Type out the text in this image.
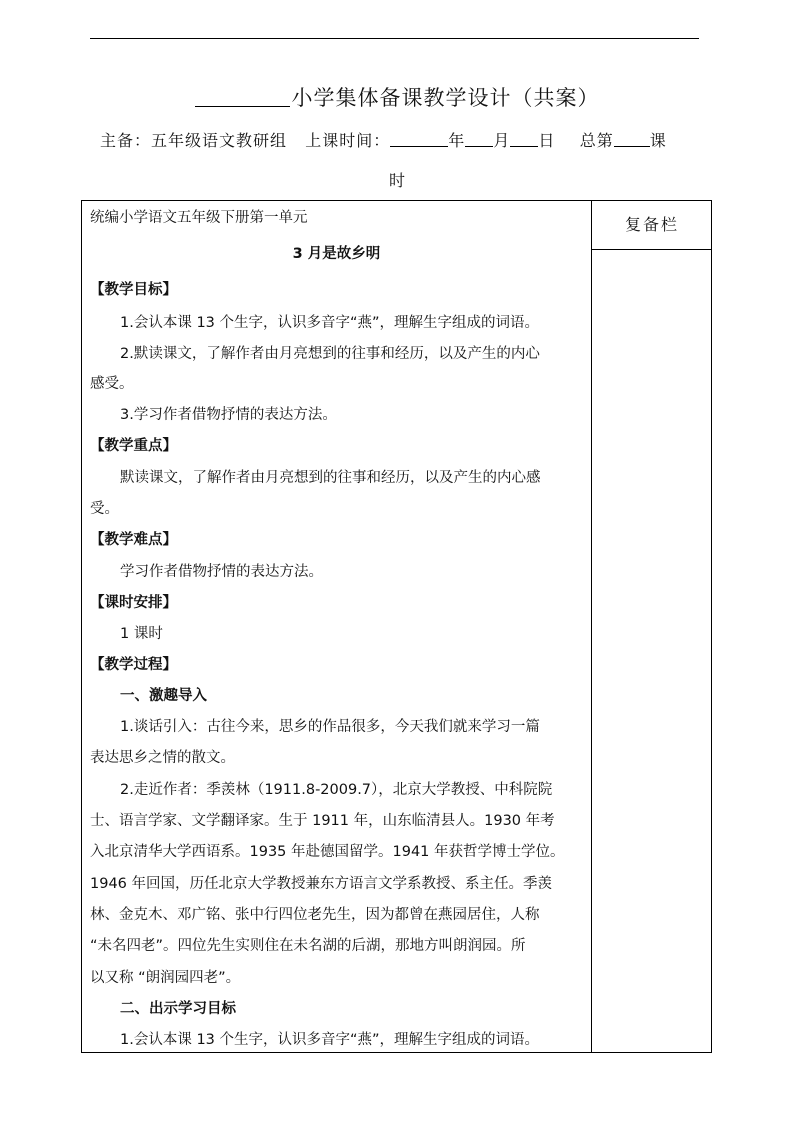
小学集体备课教学设计（共案）
主备：五年级语文教研组 上课时间：	年 月 日 总第 课
时
复备栏
统编小学语文五年级下册第一单元
3 月是故乡明
【教学目标】
1.会认本课 13 个生字，认识多音字“燕”，理解生字组成的词语。
2.默读课文，了解作者由月亮想到的往事和经历，以及产生的内心
感受。
3.学习作者借物抒情的表达方法。
【教学重点】
默读课文，了解作者由月亮想到的往事和经历，以及产生的内心感
受。
【教学难点】
学习作者借物抒情的表达方法。
【课时安排】
1 课时
【教学过程】
一、激趣导入
1.谈话引入：古往今来，思乡的作品很多，今天我们就来学习一篇
表达思乡之情的散文。
2.走近作者：季羡林（1911.8-2009.7），北京大学教授、中科院院
士、语言学家、文学翻译家。生于 1911 年，山东临清县人。1930 年考
入北京清华大学西语系。1935 年赴德国留学。1941 年获哲学博士学位。
1946 年回国，历任北京大学教授兼东方语言文学系教授、系主任。季羡
林、金克木、邓广铭、张中行四位老先生，因为都曾在燕园居住，人称
“未名四老”。四位先生实则住在未名湖的后湖，那地方叫朗润园。所
以又称 “朗润园四老”。
二、出示学习目标
1.会认本课 13 个生字，认识多音字“燕”，理解生字组成的词语。
